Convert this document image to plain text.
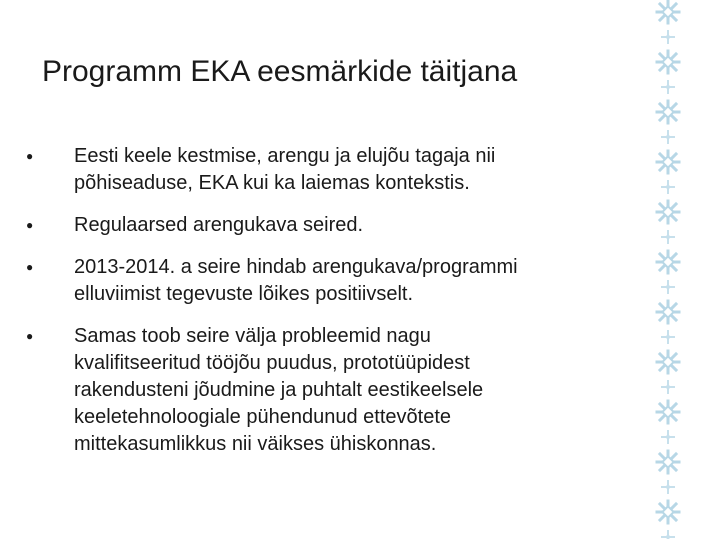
Programm EKA eesmärkide täitjana
●	Eesti keele kestmise, arengu ja elujõu tagaja nii
põhiseaduse, EKA kui ka laiemas kontekstis.
●	Regulaarsed arengukava seired.
●	2013-2014. a seire hindab arengukava/programmi
elluviimist tegevuste lõikes positiivselt.
●	Samas toob seire välja probleemid nagu
kvalifitseeritud tööjõu puudus, prototüüpidest
rakendusteni jõudmine ja puhtalt eestikeelsele
keeletehnoloogiale pühendunud ettevõtete
mittekasumlikkus nii väikses ühiskonnas.
